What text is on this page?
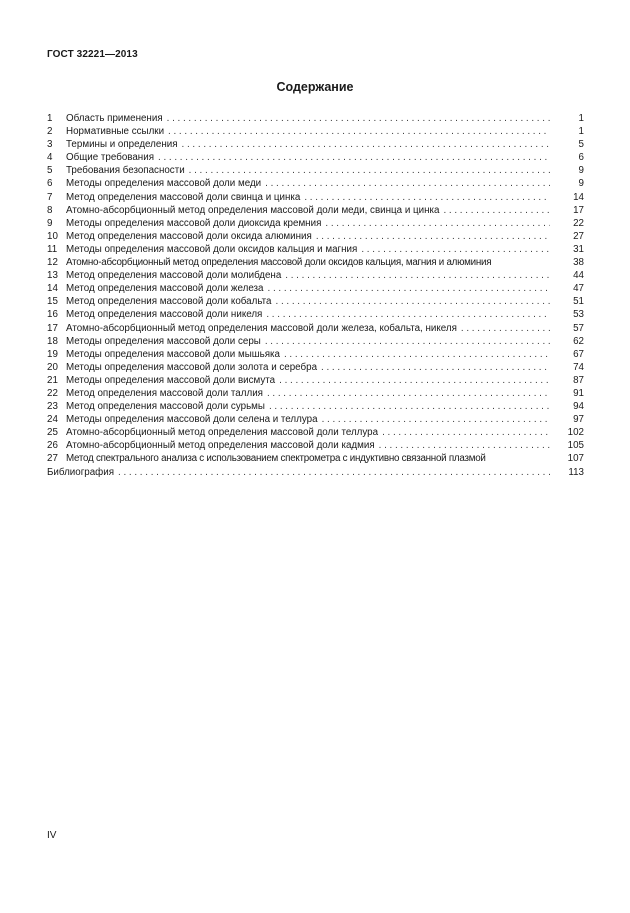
ГОСТ 32221—2013
Содержание
1	Область применения . . .	1
2	Нормативные ссылки . . .	1
3	Термины и определения . . .	5
4	Общие требования . . .	6
5	Требования безопасности . . .	9
6	Методы определения массовой доли меди . . .	9
7	Метод определения массовой доли свинца и цинка . . .	14
8	Атомно-абсорбционный метод определения массовой доли меди, свинца и цинка . . .	17
9	Методы определения массовой доли диоксида кремния . . .	22
10 Метод определения массовой доли оксида алюминия . . .	27
11 Методы определения массовой доли оксидов кальция и магния . . .	31
12 Атомно-абсорбционный метод определения массовой доли оксидов кальция, магния и алюминия	38
13 Метод определения массовой доли молибдена . . .	44
14 Метод определения массовой доли железа . . .	47
15 Метод определения массовой доли кобальта . . .	51
16 Метод определения массовой доли никеля . . .	53
17 Атомно-абсорбционный метод определения массовой доли железа, кобальта, никеля . . .	57
18 Методы определения массовой доли серы . . .	62
19 Методы определения массовой доли мышьяка . . .	67
20 Методы определения массовой доли золота и серебра . . .	74
21 Методы определения массовой доли висмута . . .	87
22 Метод определения массовой доли таллия . . .	91
23 Метод определения массовой доли сурьмы . . .	94
24 Методы определения массовой доли селена и теллура . . .	97
25 Атомно-абсорбционный метод определения массовой доли теллура . . .	102
26 Атомно-абсорбционный метод определения массовой доли кадмия . . .	105
27 Метод спектрального анализа с использованием спектрометра с индуктивно связанной плазмой	107
Библиография . . .	113
IV
